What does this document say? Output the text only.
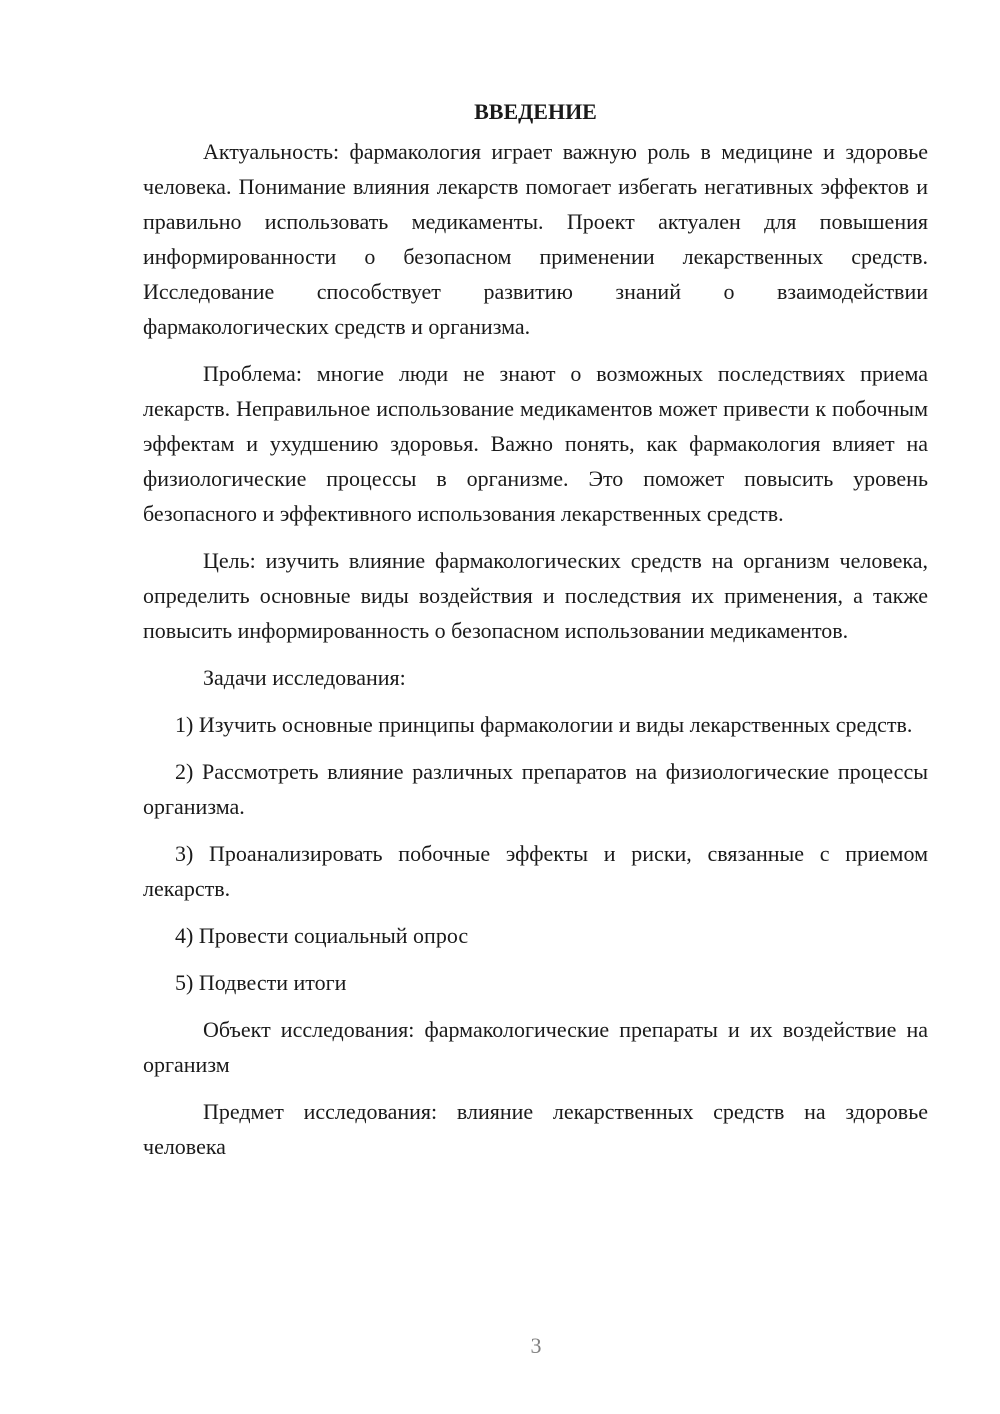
ВВЕДЕНИЕ

Актуальность: фармакология играет важную роль в медицине и здоровье человека. Понимание влияния лекарств помогает избегать негативных эффектов и правильно использовать медикаменты. Проект актуален для повышения информированности о безопасном применении лекарственных средств. Исследование способствует развитию знаний о взаимодействии фармакологических средств и организма.

Проблема: многие люди не знают о возможных последствиях приема лекарств. Неправильное использование медикаментов может привести к побочным эффектам и ухудшению здоровья. Важно понять, как фармакология влияет на физиологические процессы в организме. Это поможет повысить уровень безопасного и эффективного использования лекарственных средств.

Цель: изучить влияние фармакологических средств на организм человека, определить основные виды воздействия и последствия их применения, а также повысить информированность о безопасном использовании медикаментов.

Задачи исследования:

1) Изучить основные принципы фармакологии и виды лекарственных средств.

2) Рассмотреть влияние различных препаратов на физиологические процессы организма.

3) Проанализировать побочные эффекты и риски, связанные с приемом лекарств.

4) Провести социальный опрос

5) Подвести итоги

Объект исследования: фармакологические препараты и их воздействие на организм

Предмет исследования: влияние лекарственных средств на здоровье человека

3
